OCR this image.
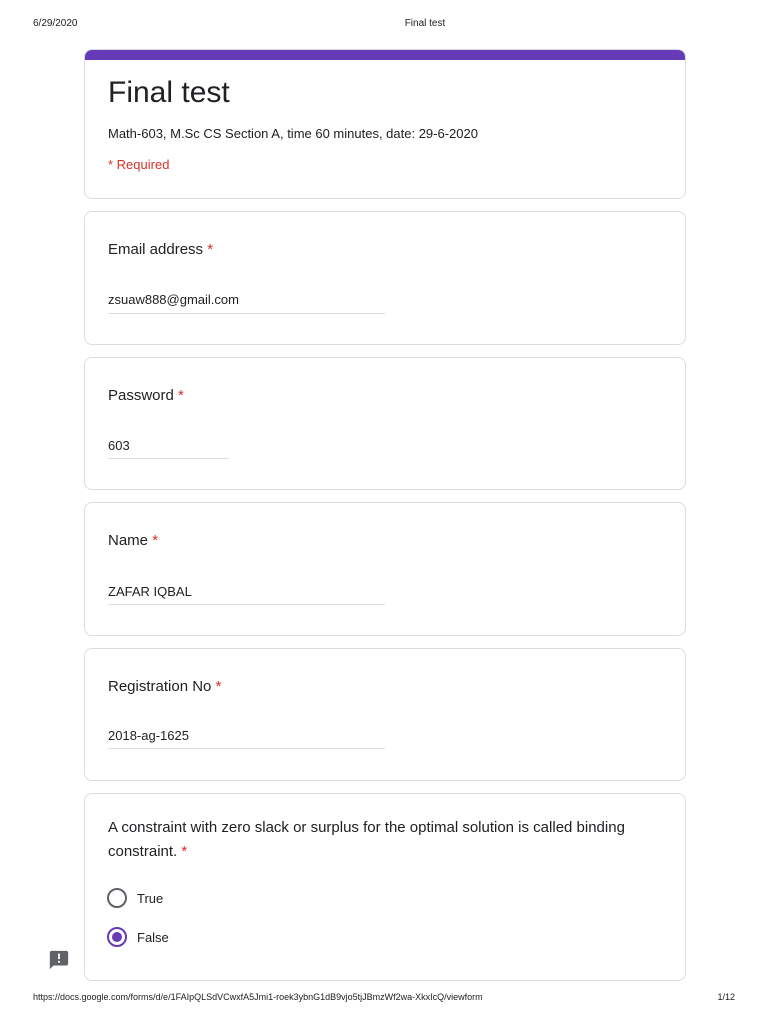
6/29/2020	Final test
Final test
Math-603, M.Sc CS Section A, time 60 minutes, date: 29-6-2020
* Required
Email address *
zsuaw888@gmail.com
Password *
603
Name *
ZAFAR IQBAL
Registration No *
2018-ag-1625
A constraint with zero slack or surplus for the optimal solution is called binding constraint. *
True
False
https://docs.google.com/forms/d/e/1FAIpQLSdVCwxfA5Jmi1-roek3ybnG1dB9vjo5tjJBmzWf2wa-XkxIcQ/viewform	1/12
